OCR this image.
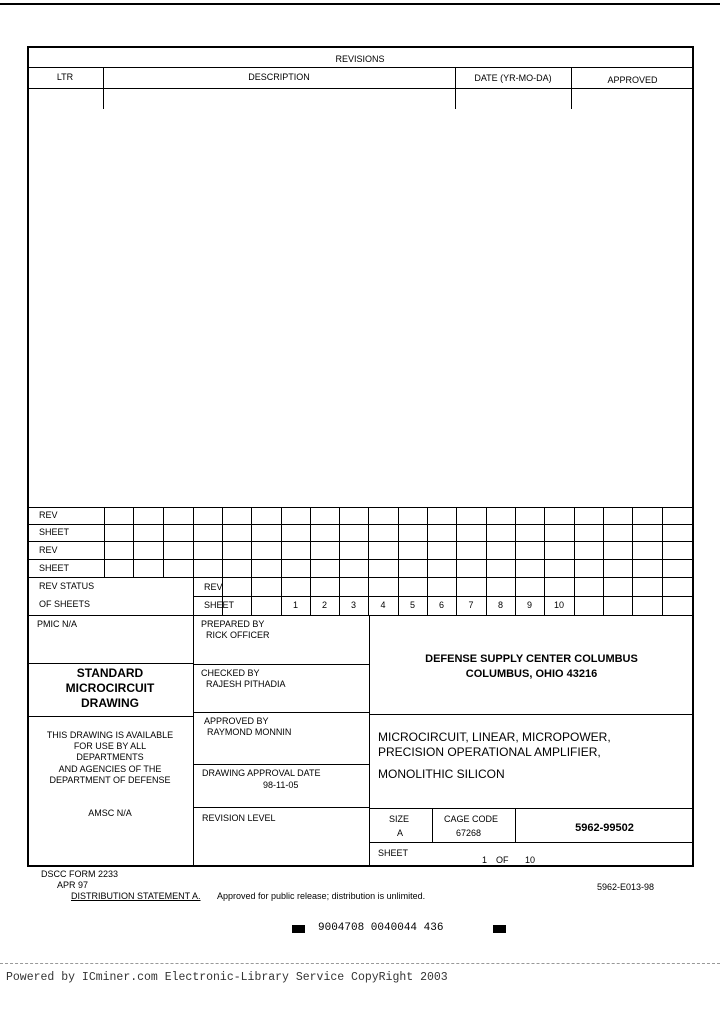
REVISIONS
LTR	DESCRIPTION	DATE (YR-MO-DA)	APPROVED
REV
SHEET
REV
SHEET
REV STATUS
OF SHEETS
REV
SHEET	1	2	3	4	5	6	7	8	9	10
PMIC N/A
STANDARD
MICROCIRCUIT
DRAWING
THIS DRAWING IS AVAILABLE
FOR USE BY ALL
DEPARTMENTS
AND AGENCIES OF THE
DEPARTMENT OF DEFENSE
AMSC N/A
PREPARED BY
RICK OFFICER
CHECKED BY
RAJESH PITHADIA
APPROVED BY
RAYMOND MONNIN
DRAWING APPROVAL DATE
98-11-05
REVISION LEVEL
DEFENSE SUPPLY CENTER COLUMBUS
COLUMBUS, OHIO 43216
MICROCIRCUIT, LINEAR, MICROPOWER,
PRECISION OPERATIONAL AMPLIFIER,
MONOLITHIC SILICON
SIZE
A
CAGE CODE
67268	5962-99502
SHEET
1 OF 10
DSCC FORM 2233
APR 97
DISTRIBUTION STATEMENT A. Approved for public release; distribution is unlimited.
5962-E013-98
9004708 0040044 436
Powered by ICminer.com Electronic-Library Service CopyRight 2003
